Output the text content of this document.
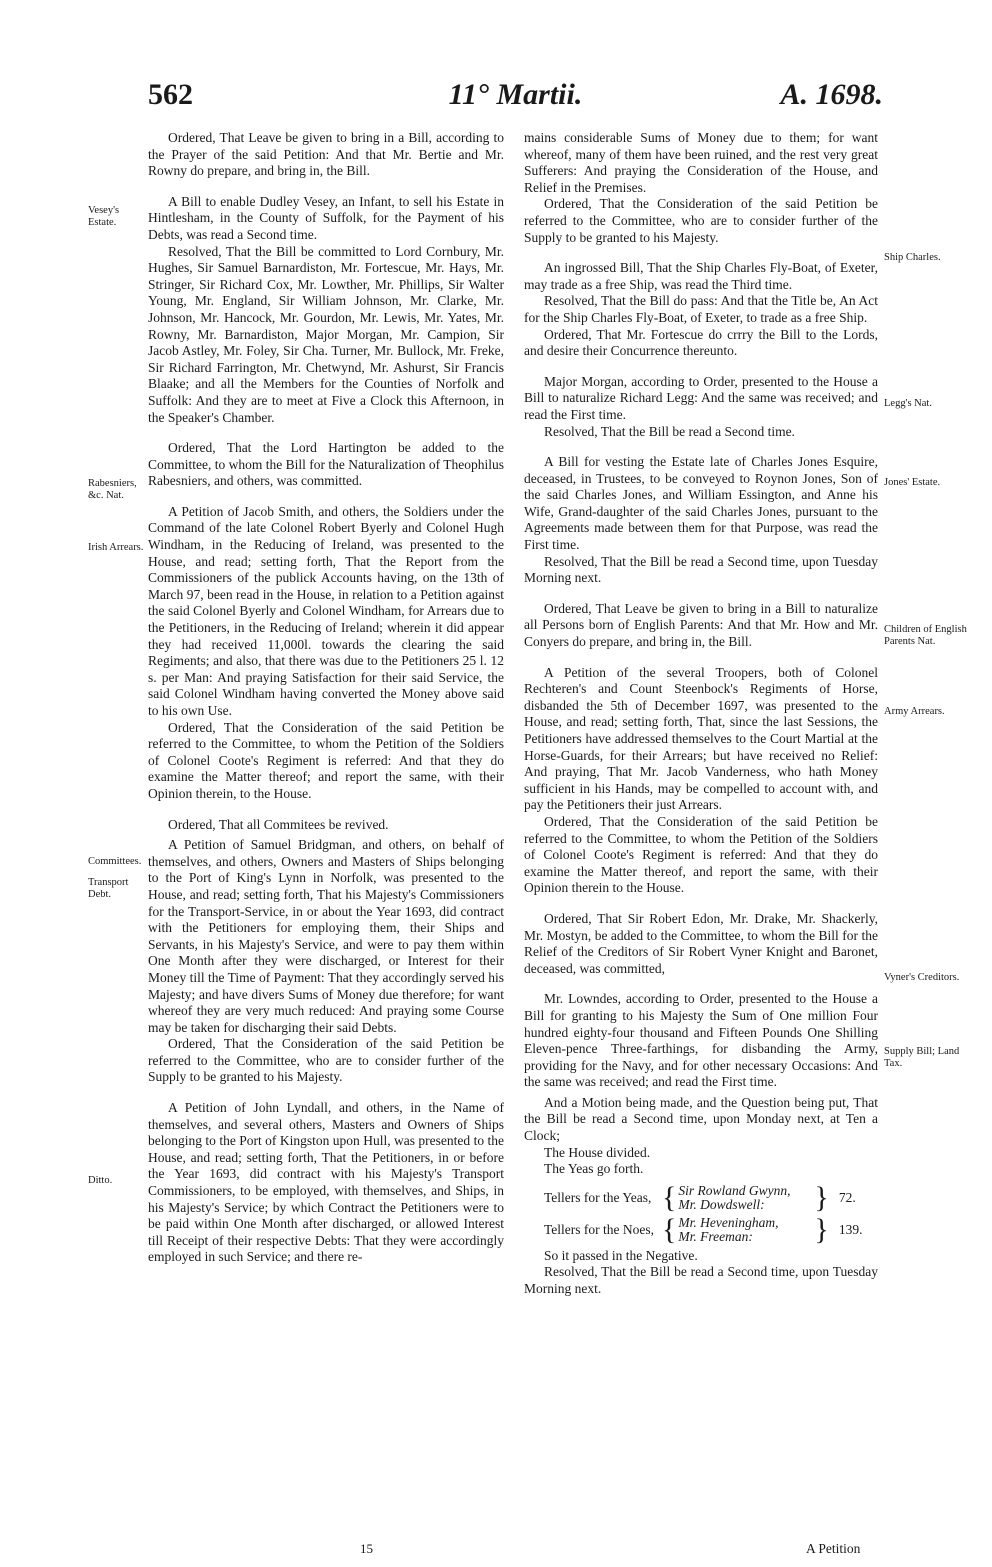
562	11° Martii.	A. 1698.
Vesey's Estate.
Rabesniers, &c. Nat.
Irish Arrears.
Committees.
Transport Debt.
Ditto.
Ship Charles.
Legg's Nat.
Jones' Estate.
Children of English Parents Nat.
Army Arrears.
Vyner's Creditors.
Supply Bill; Land Tax.

Ordered, That Leave be given to bring in a Bill, according to the Prayer of the said Petition: And that Mr. Bertie and Mr. Rowny do prepare, and bring in, the Bill.

A Bill to enable Dudley Vesey, an Infant, to sell his Estate in Hintlesham, in the County of Suffolk, for the Payment of his Debts, was read a Second time.

Resolved, That the Bill be committed to Lord Cornbury, Mr. Hughes, Sir Samuel Barnardiston, Mr. Fortescue, Mr. Hays, Mr. Stringer, Sir Richard Cox, Mr. Lowther, Mr. Phillips, Sir Walter Young, Mr. England, Sir William Johnson, Mr. Clarke, Mr. Johnson, Mr. Hancock, Mr. Gourdon, Mr. Lewis, Mr. Yates, Mr. Rowny, Mr. Barnardiston, Major Morgan, Mr. Campion, Sir Jacob Astley, Mr. Foley, Sir Cha. Turner, Mr. Bullock, Mr. Freke, Sir Richard Farrington, Mr. Chetwynd, Mr. Ashurst, Sir Francis Blaake; and all the Members for the Counties of Norfolk and Suffolk: And they are to meet at Five a Clock this Afternoon, in the Speaker's Chamber.

Ordered, That the Lord Hartington be added to the Committee, to whom the Bill for the Naturalization of Theophilus Rabesniers, and others, was committed.

A Petition of Jacob Smith, and others, the Soldiers under the Command of the late Colonel Robert Byerly and Colonel Hugh Windham, in the Reducing of Ireland, was presented to the House, and read; setting forth, That the Report from the Commissioners of the publick Accounts having, on the 13th of March 97, been read in the House, in relation to a Petition against the said Colonel Byerly and Colonel Windham, for Arrears due to the Petitioners, in the Reducing of Ireland; wherein it did appear they had received 11,000l. towards the clearing the said Regiments; and also, that there was due to the Petitioners 25 l. 12 s. per Man: And praying Satisfaction for their said Service, the said Colonel Windham having converted the Money above said to his own Use.

Ordered, That the Consideration of the said Petition be referred to the Committee, to whom the Petition of the Soldiers of Colonel Coote's Regiment is referred: And that they do examine the Matter thereof; and report the same, with their Opinion therein, to the House.

Ordered, That all Commitees be revived.

A Petition of Samuel Bridgman, and others, on behalf of themselves, and others, Owners and Masters of Ships belonging to the Port of King's Lynn in Norfolk, was presented to the House, and read; setting forth, That his Majesty's Commissioners for the Transport-Service, in or about the Year 1693, did contract with the Petitioners for employing them, their Ships and Servants, in his Majesty's Service, and were to pay them within One Month after they were discharged, or Interest for their Money till the Time of Payment: That they accordingly served his Majesty; and have divers Sums of Money due therefore; for want whereof they are very much reduced: And praying some Course may be taken for discharging their said Debts.

Ordered, That the Consideration of the said Petition be referred to the Committee, who are to consider further of the Supply to be granted to his Majesty.

A Petition of John Lyndall, and others, in the Name of themselves, and several others, Masters and Owners of Ships belonging to the Port of Kingston upon Hull, was presented to the House, and read; setting forth, That the Petitioners, in or before the Year 1693, did contract with his Majesty's Transport Commissioners, to be employed, with themselves, and Ships, in his Majesty's Service; by which Contract the Petitioners were to be paid within One Month after discharged, or allowed Interest till Receipt of their respective Debts: That they were accordingly employed in such Service; and there re-

mains considerable Sums of Money due to them; for want whereof, many of them have been ruined, and the rest very great Sufferers: And praying the Consideration of the House, and Relief in the Premises.

Ordered, That the Consideration of the said Petition be referred to the Committee, who are to consider further of the Supply to be granted to his Majesty.

An ingrossed Bill, That the Ship Charles Fly-Boat, of Exeter, may trade as a free Ship, was read the Third time.

Resolved, That the Bill do pass: And that the Title be, An Act for the Ship Charles Fly-Boat, of Exeter, to trade as a free Ship.

Ordered, That Mr. Fortescue do crrry the Bill to the Lords, and desire their Concurrence thereunto.

Major Morgan, according to Order, presented to the House a Bill to naturalize Richard Legg: And the same was received; and read the First time.

Resolved, That the Bill be read a Second time.

A Bill for vesting the Estate late of Charles Jones Esquire, deceased, in Trustees, to be conveyed to Roynon Jones, Son of the said Charles Jones, and William Essington, and Anne his Wife, Grand-daughter of the said Charles Jones, pursuant to the Agreements made between them for that Purpose, was read the First time.

Resolved, That the Bill be read a Second time, upon Tuesday Morning next.

Ordered, That Leave be given to bring in a Bill to naturalize all Persons born of English Parents: And that Mr. How and Mr. Conyers do prepare, and bring in, the Bill.

A Petition of the several Troopers, both of Colonel Rechteren's and Count Steenbock's Regiments of Horse, disbanded the 5th of December 1697, was presented to the House, and read; setting forth, That, since the last Sessions, the Petitioners have addressed themselves to the Court Martial at the Horse-Guards, for their Arrears; but have received no Relief: And praying, That Mr. Jacob Vanderness, who hath Money sufficient in his Hands, may be compelled to account with, and pay the Petitioners their just Arrears.

Ordered, That the Consideration of the said Petition be referred to the Committee, to whom the Petition of the Soldiers of Colonel Coote's Regiment is referred: And that they do examine the Matter thereof, and report the same, with their Opinion therein to the House.

Ordered, That Sir Robert Edon, Mr. Drake, Mr. Shackerly, Mr. Mostyn, be added to the Committee, to whom the Bill for the Relief of the Creditors of Sir Robert Vyner Knight and Baronet, deceased, was committed,

Mr. Lowndes, according to Order, presented to the House a Bill for granting to his Majesty the Sum of One million Four hundred eighty-four thousand and Fifteen Pounds One Shilling Eleven-pence Three-farthings, for disbanding the Army, providing for the Navy, and for other necessary Occasions: And the same was received; and read the First time.

And a Motion being made, and the Question being put, That the Bill be read a Second time, upon Monday next, at Ten a Clock;

The House divided.

The Yeas go forth.

Tellers for the Yeas, { Sir Rowland Gwynn,
Mr. Dowdswell:	} 72.
Tellers for the Noes, { Mr. Heveningham,
Mr. Freeman:	} 139.

So it passed in the Negative.

Resolved, That the Bill be read a Second time, upon Tuesday Morning next.

15	A Petition
